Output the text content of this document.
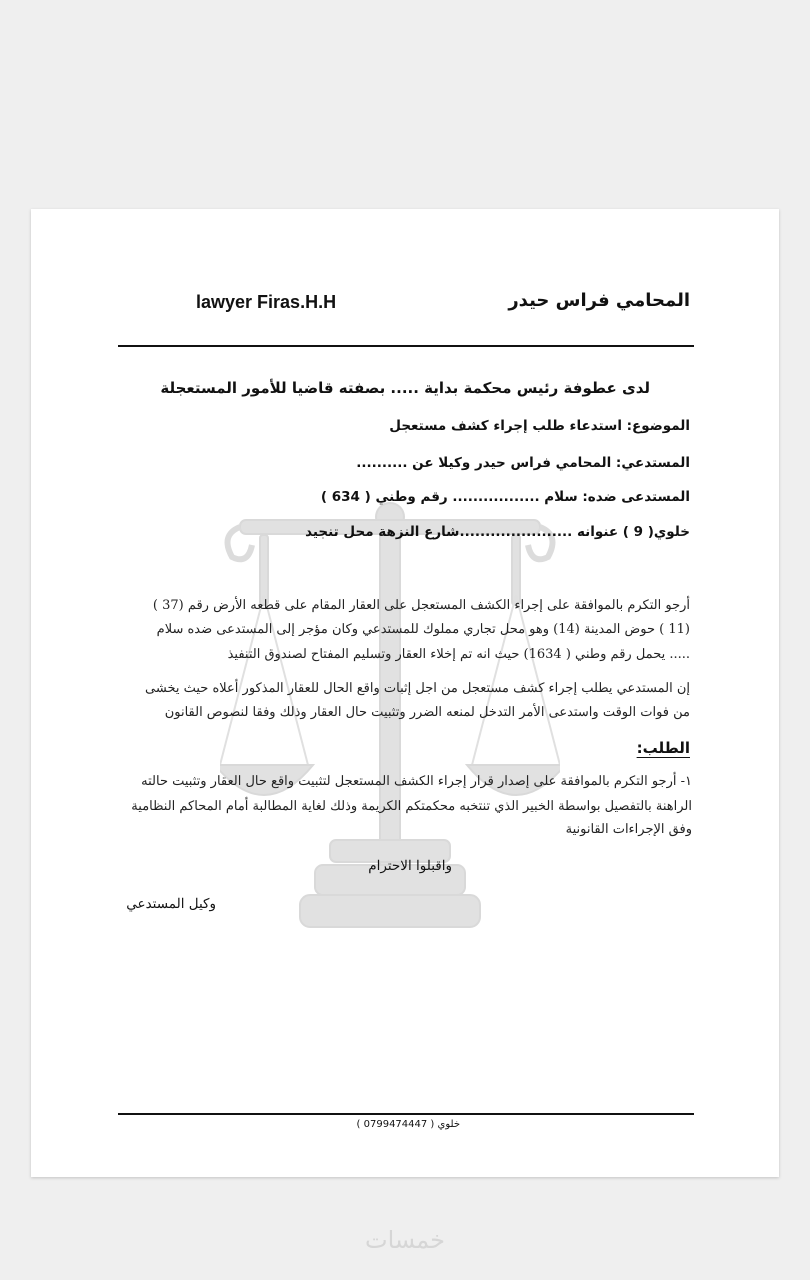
المحامي فراس حيدر
lawyer Firas.H.H
لدى عطوفة رئيس محكمة بداية ..... بصفته قاضيا للأمور المستعجلة
الموضوع: استدعاء طلب إجراء كشف مستعجل
المستدعي: المحامي فراس حيدر وكيلا عن ..........
المستدعى ضده: سلام ................. رقم وطني ( 634 )
خلوي( 9 ) عنوانه ......................شارع النزهة محل تنجيد
أرجو التكرم بالموافقة على إجراء الكشف المستعجل على العقار المقام على قطعه الأرض رقم (37 )
(11 ) حوض المدينة (14) وهو محل تجاري مملوك للمستدعي وكان مؤجر إلى المستدعى ضده سلام
..... يحمل رقم وطني ( 1634) حيث انه تم إخلاء العقار وتسليم المفتاح لصندوق التنفيذ
إن المستدعي يطلب إجراء كشف مستعجل من اجل إثبات واقع الحال للعقار المذكور أعلاه حيث يخشى
من فوات الوقت واستدعى الأمر التدخل لمنعه الضرر وتثبيت حال العقار وذلك وفقا لنصوص القانون
الطلب:
١- أرجو التكرم بالموافقة على إصدار قرار إجراء الكشف المستعجل لتثبيت واقع حال العقار وتثبيت حالته
الراهنة بالتفصيل بواسطة الخبير الذي تنتخبه محكمتكم الكريمة وذلك لغاية المطالبة أمام المحاكم النظامية
وفق الإجراءات القانونية
واقبلوا الاحترام
وكيل المستدعي
خلوي ( 0799474447 )
خمسات
